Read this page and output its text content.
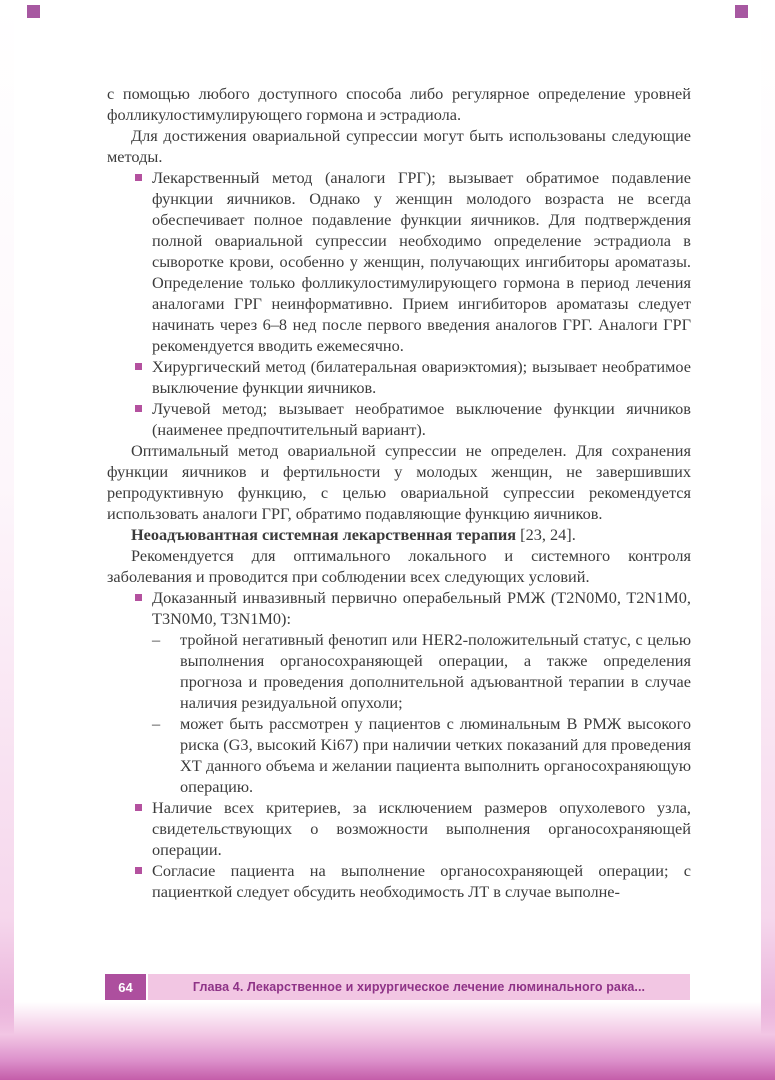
с помощью любого доступного способа либо регулярное определение уровней фолликулостимулирующего гормона и эстрадиола.

Для достижения овариальной супрессии могут быть использованы следующие методы.

Лекарственный метод (аналоги ГРГ); вызывает обратимое подавление функции яичников. Однако у женщин молодого возраста не всегда обеспечивает полное подавление функции яичников. Для подтверждения полной овариальной супрессии необходимо определение эстрадиола в сыворотке крови, особенно у женщин, получающих ингибиторы ароматазы. Определение только фолликулостимулирующего гормона в период лечения аналогами ГРГ неинформативно. Прием ингибиторов ароматазы следует начинать через 6–8 нед после первого введения аналогов ГРГ. Аналоги ГРГ рекомендуется вводить ежемесячно.
Хирургический метод (билатеральная овариэктомия); вызывает необратимое выключение функции яичников.
Лучевой метод; вызывает необратимое выключение функции яичников (наименее предпочтительный вариант).

Оптимальный метод овариальной супрессии не определен. Для сохранения функции яичников и фертильности у молодых женщин, не завершивших репродуктивную функцию, с целью овариальной супрессии рекомендуется использовать аналоги ГРГ, обратимо подавляющие функцию яичников.

Неоадъювантная системная лекарственная терапия [23, 24].

Рекомендуется для оптимального локального и системного контроля заболевания и проводится при соблюдении всех следующих условий.

Доказанный инвазивный первично операбельный РМЖ (T2N0M0, T2N1M0, T3N0M0, T3N1M0):
– тройной негативный фенотип или HER2-положительный статус, с целью выполнения органосохраняющей операции, а также определения прогноза и проведения дополнительной адъювантной терапии в случае наличия резидуальной опухоли;
– может быть рассмотрен у пациентов с люминальным В РМЖ высокого риска (G3, высокий Ki67) при наличии четких показаний для проведения ХТ данного объема и желании пациента выполнить органосохраняющую операцию.
Наличие всех критериев, за исключением размеров опухолевого узла, свидетельствующих о возможности выполнения органосохраняющей операции.
Согласие пациента на выполнение органосохраняющей операции; с пациенткой следует обсудить необходимость ЛТ в случае выполне-
64	Глава 4. Лекарственное и хирургическое лечение люминального рака...
